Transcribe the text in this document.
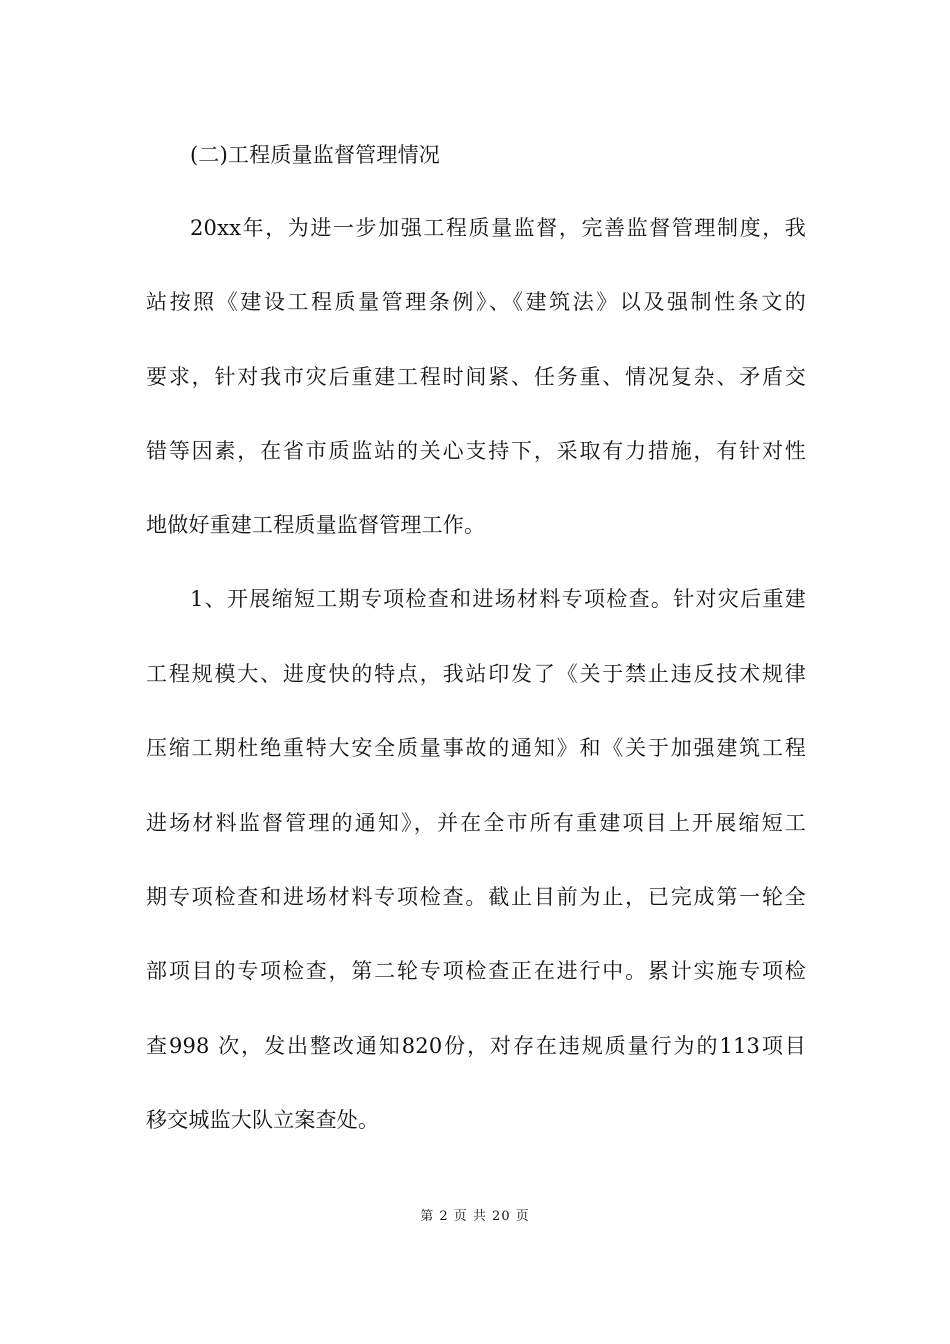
(二)工程质量监督管理情况
20xx年，为进一步加强工程质量监督，完善监督管理制度，我
站按照《建设工程质量管理条例》、《建筑法》以及强制性条文的
要求，针对我市灾后重建工程时间紧、任务重、情况复杂、矛盾交
错等因素，在省市质监站的关心支持下，采取有力措施，有针对性
地做好重建工程质量监督管理工作。
1、开展缩短工期专项检查和进场材料专项检查。针对灾后重建
工程规模大、进度快的特点，我站印发了《关于禁止违反技术规律
压缩工期杜绝重特大安全质量事故的通知》和《关于加强建筑工程
进场材料监督管理的通知》，并在全市所有重建项目上开展缩短工
期专项检查和进场材料专项检查。截止目前为止，已完成第一轮全
部项目的专项检查，第二轮专项检查正在进行中。累计实施专项检
查998 次，发出整改通知820份，对存在违规质量行为的113项目
移交城监大队立案查处。
第 2 页 共 20 页
